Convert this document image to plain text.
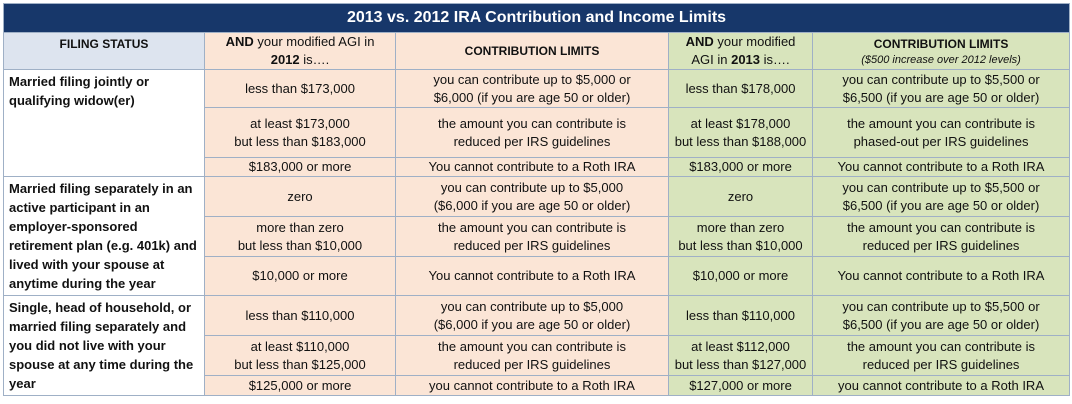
2013 vs. 2012 IRA Contribution and Income Limits				
FILING STATUS	AND your modified AGI in
2012 is….	CONTRIBUTION LIMITS	AND your modified
AGI in 2013 is….	CONTRIBUTION LIMITS
($500 increase over 2012 levels)

Married filing jointly or qualifying widow(er)	less than $173,000	you can contribute up to $5,000 or
$6,000 (if you are age 50 or older)	less than $178,000	you can contribute up to $5,500 or
$6,500 (if you are age 50 or older)

	at least $173,000
but less than $183,000	the amount you can contribute is
reduced per IRS guidelines	at least $178,000
but less than $188,000	the amount you can contribute is
phased-out per IRS guidelines

	$183,000 or more	You cannot contribute to a Roth IRA	$183,000 or more	You cannot contribute to a Roth IRA

Married filing separately in an active participant in an employer-sponsored retirement plan (e.g. 401k) and lived with your spouse at anytime during the year	zero	you can contribute up to $5,000
($6,000 if you are age 50 or older)	zero	you can contribute up to $5,500 or
$6,500 (if you are age 50 or older)

	more than zero
but less than $10,000	the amount you can contribute is
reduced per IRS guidelines	more than zero
but less than $10,000	the amount you can contribute is
reduced per IRS guidelines

	$10,000 or more	You cannot contribute to a Roth IRA	$10,000 or more	You cannot contribute to a Roth IRA

Single, head of household, or married filing separately and you did not live with your spouse at any time during the year	less than $110,000	you can contribute up to $5,000
($6,000 if you are age 50 or older)	less than $110,000	you can contribute up to $5,500 or
$6,500 (if you are age 50 or older)

	at least $110,000
but less than $125,000	the amount you can contribute is
reduced per IRS guidelines	at least $112,000
but less than $127,000	the amount you can contribute is
reduced per IRS guidelines

	$125,000 or more	you cannot contribute to a Roth IRA	$127,000 or more	you cannot contribute to a Roth IRA
